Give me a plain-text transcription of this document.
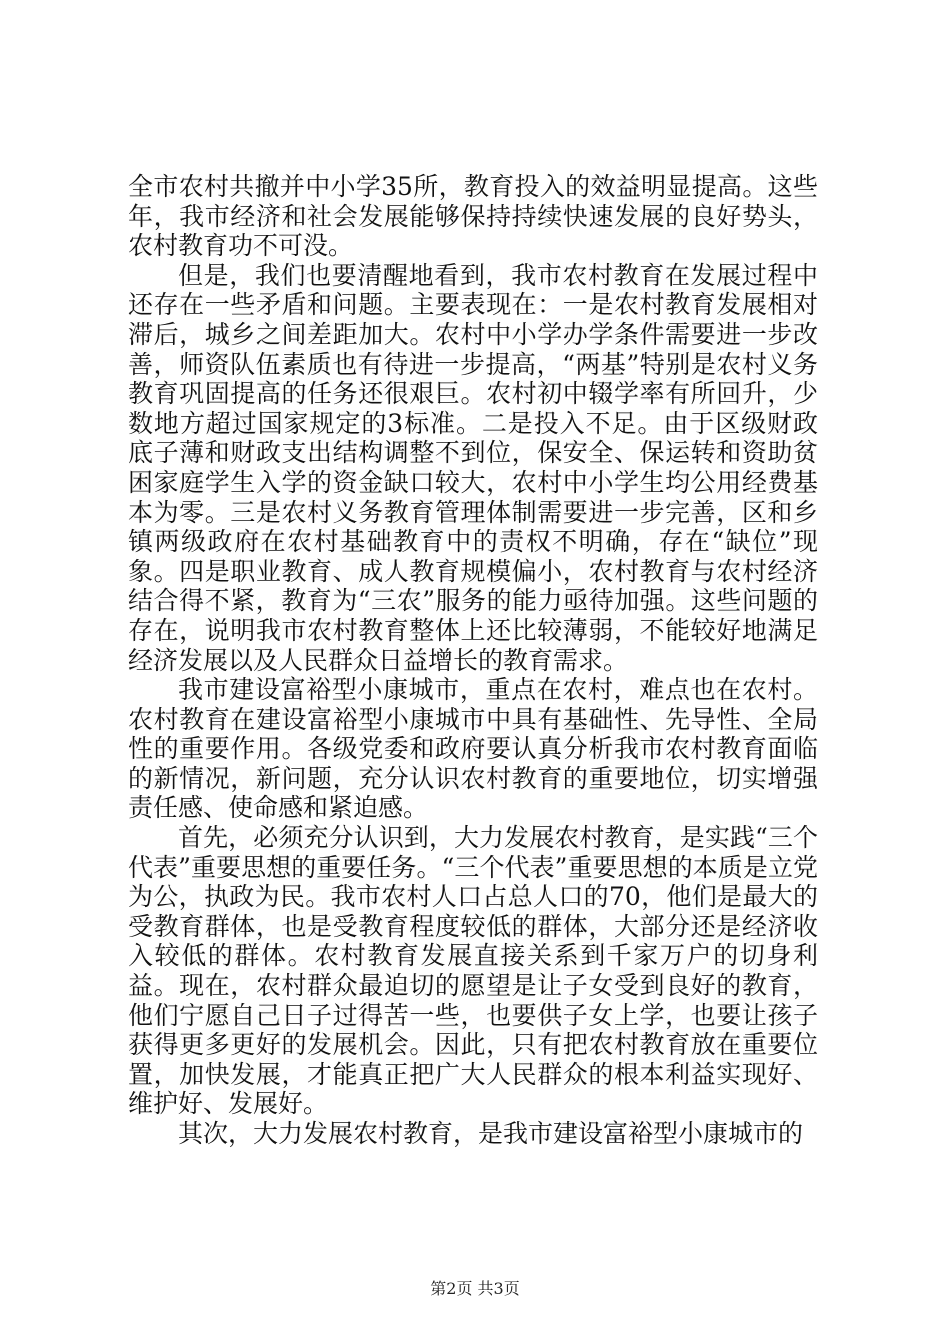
全市农村共撤并中小学35所，教育投入的效益明显提高。这些年，我市经济和社会发展能够保持持续快速发展的良好势头，农村教育功不可没。

但是，我们也要清醒地看到，我市农村教育在发展过程中还存在一些矛盾和问题。主要表现在：一是农村教育发展相对滞后，城乡之间差距加大。农村中小学办学条件需要进一步改善，师资队伍素质也有待进一步提高，“两基”特别是农村义务教育巩固提高的任务还很艰巨。农村初中辍学率有所回升，少数地方超过国家规定的3标准。二是投入不足。由于区级财政底子薄和财政支出结构调整不到位，保安全、保运转和资助贫困家庭学生入学的资金缺口较大，农村中小学生均公用经费基本为零。三是农村义务教育管理体制需要进一步完善，区和乡镇两级政府在农村基础教育中的责权不明确，存在“缺位”现象。四是职业教育、成人教育规模偏小，农村教育与农村经济结合得不紧，教育为“三农”服务的能力亟待加强。这些问题的存在，说明我市农村教育整体上还比较薄弱，不能较好地满足经济发展以及人民群众日益增长的教育需求。

我市建设富裕型小康城市，重点在农村，难点也在农村。农村教育在建设富裕型小康城市中具有基础性、先导性、全局性的重要作用。各级党委和政府要认真分析我市农村教育面临的新情况，新问题，充分认识农村教育的重要地位，切实增强责任感、使命感和紧迫感。

首先，必须充分认识到，大力发展农村教育，是实践“三个代表”重要思想的重要任务。“三个代表”重要思想的本质是立党为公，执政为民。我市农村人口占总人口的70，他们是最大的受教育群体，也是受教育程度较低的群体，大部分还是经济收入较低的群体。农村教育发展直接关系到千家万户的切身利益。现在，农村群众最迫切的愿望是让子女受到良好的教育，他们宁愿自己日子过得苦一些，也要供子女上学，也要让孩子获得更多更好的发展机会。因此，只有把农村教育放在重要位置，加快发展，才能真正把广大人民群众的根本利益实现好、维护好、发展好。

其次，大力发展农村教育，是我市建设富裕型小康城市的

第2页 共3页
